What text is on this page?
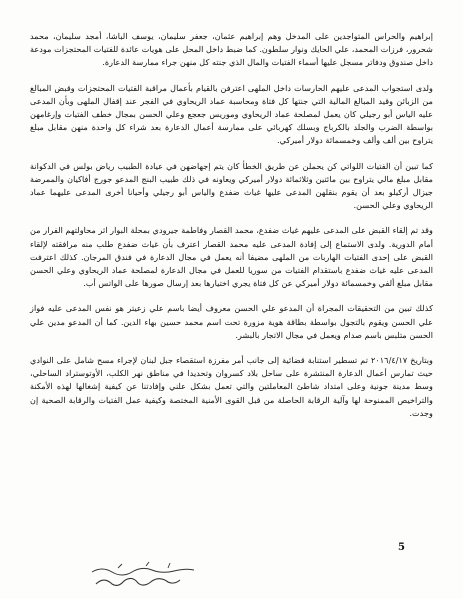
إبراهيم والحراس المتواجدين على المدخل وهم إبراهيم عثمان، جعفر سليمان، يوسف الباشا، أمجد سليمان، محمد شحرور، فرزات المحمد، علي الحايك ونوار سلطون. كما ضبط داخل المحل على هويات عائدة للفتيات المحتجزات مودعة داخل صندوق ودفاتر مسجل عليها أسماء الفتيات والمال الذي جنته كل منهن جراء ممارسة الدعارة.

ولدى استجواب المدعى عليهم الحارسات داخل الملهى اعترفن بالقيام بأعمال مراقبة الفتيات المحتجزات وقبض المبالغ من الزبائن وقيد المبالغ المالية التي جنتها كل فتاة ومحاسبة عماد الريحاوي في الفجر عند إقفال الملهى وبأن المدعى عليه الياس أبو رجيلي كان يعمل لمصلحة عماد الريحاوي وموريس جعجع وعلي الحسن بمجال خطف الفتيات وإرغامهن بواسطة الضرب والجلد بالكرباج وبسلك كهربائي على ممارسة أعمال الدعارة بعد شراء كل واحدة منهن مقابل مبلغ يتراوح بين ألف وألف وخمسمائة دولار أميركي.

كما تبين أن الفتيات اللواتي كن يحملن عن طريق الخطأ كان يتم إجهاضهن في عيادة الطبيب رياض بولس في الدكوانة مقابل مبلغ مالي يتراوح بين مائتين وثلاثمائة دولار أميركي ويعاونه في ذلك طبيب البنج المدعو جورج أفاكيان والممرضة جيزال أركيلو بعد أن يقوم بنقلهن المدعى عليها غياث ضفدع والياس أبو رجيلي وأحيانا أخرى المدعى عليهما عماد الريحاوي وعلي الحسن.

وقد تم إلقاء القبض على المدعى عليهم غياث ضفدع، محمد القصار وفاطمة جيرودي بمحلة البوار اثر محاولتهم الفرار من أمام الدورية. ولدى الاستماع إلى إفادة المدعى عليه محمد القصار اعترف بأن غياث ضفدع طلب منه مرافقته لإلقاء القبض على إحدى الفتيات الهاربات من الملهى مضيفا أنه يعمل في مجال الدعارة في فندق المرجان. كذلك اعترفت المدعى عليه غياث ضفدع باستقدام الفتيات من سوريا للعمل في مجال الدعارة لمصلحة عماد الريحاوي وعلي الحسن مقابل مبلغ ألفي وخمسمائة دولار أميركي عن كل فتاة يجري اختيارها بعد إرسال صورها على الواتس أب.

كذلك تبين من التحقيقات المجراة أن المدعو علي الحسن معروف أيضا باسم علي زعيتر هو نفس المدعى عليه فواز علي الحسن ويقوم بالتجول بواسطة بطاقة هوية مزورة تحت اسم محمد حسين بهاء الدين. كما أن المدعو مدين علي الحسن متلبس باسم صدام ويعمل في مجال الاتجار بالبشر.

وبتاريخ ٢٠١٦/٤/١٧ تم تسطير استنابة قضائية إلى جانب أمر مفرزة استقصاء جبل لبنان لإجراء مسح شامل على النوادي حيث تمارس أعمال الدعارة المنتشرة على ساحل بلاد كسروان وتحديدا في مناطق نهر الكلب، الأوتوستراد الساحلي، وسط مدينة جونية وعلى امتداد شاطئ المعاملتين والتي تعمل بشكل علني وإفادتنا عن كيفية إشغالها لهذه الأمكنة والتراخيص الممنوحة لها وآلية الرقابة الحاصلة من قبل القوى الأمنية المختصة وكيفية عمل الفتيات والرقابة الصحية إن وجدت.

5
